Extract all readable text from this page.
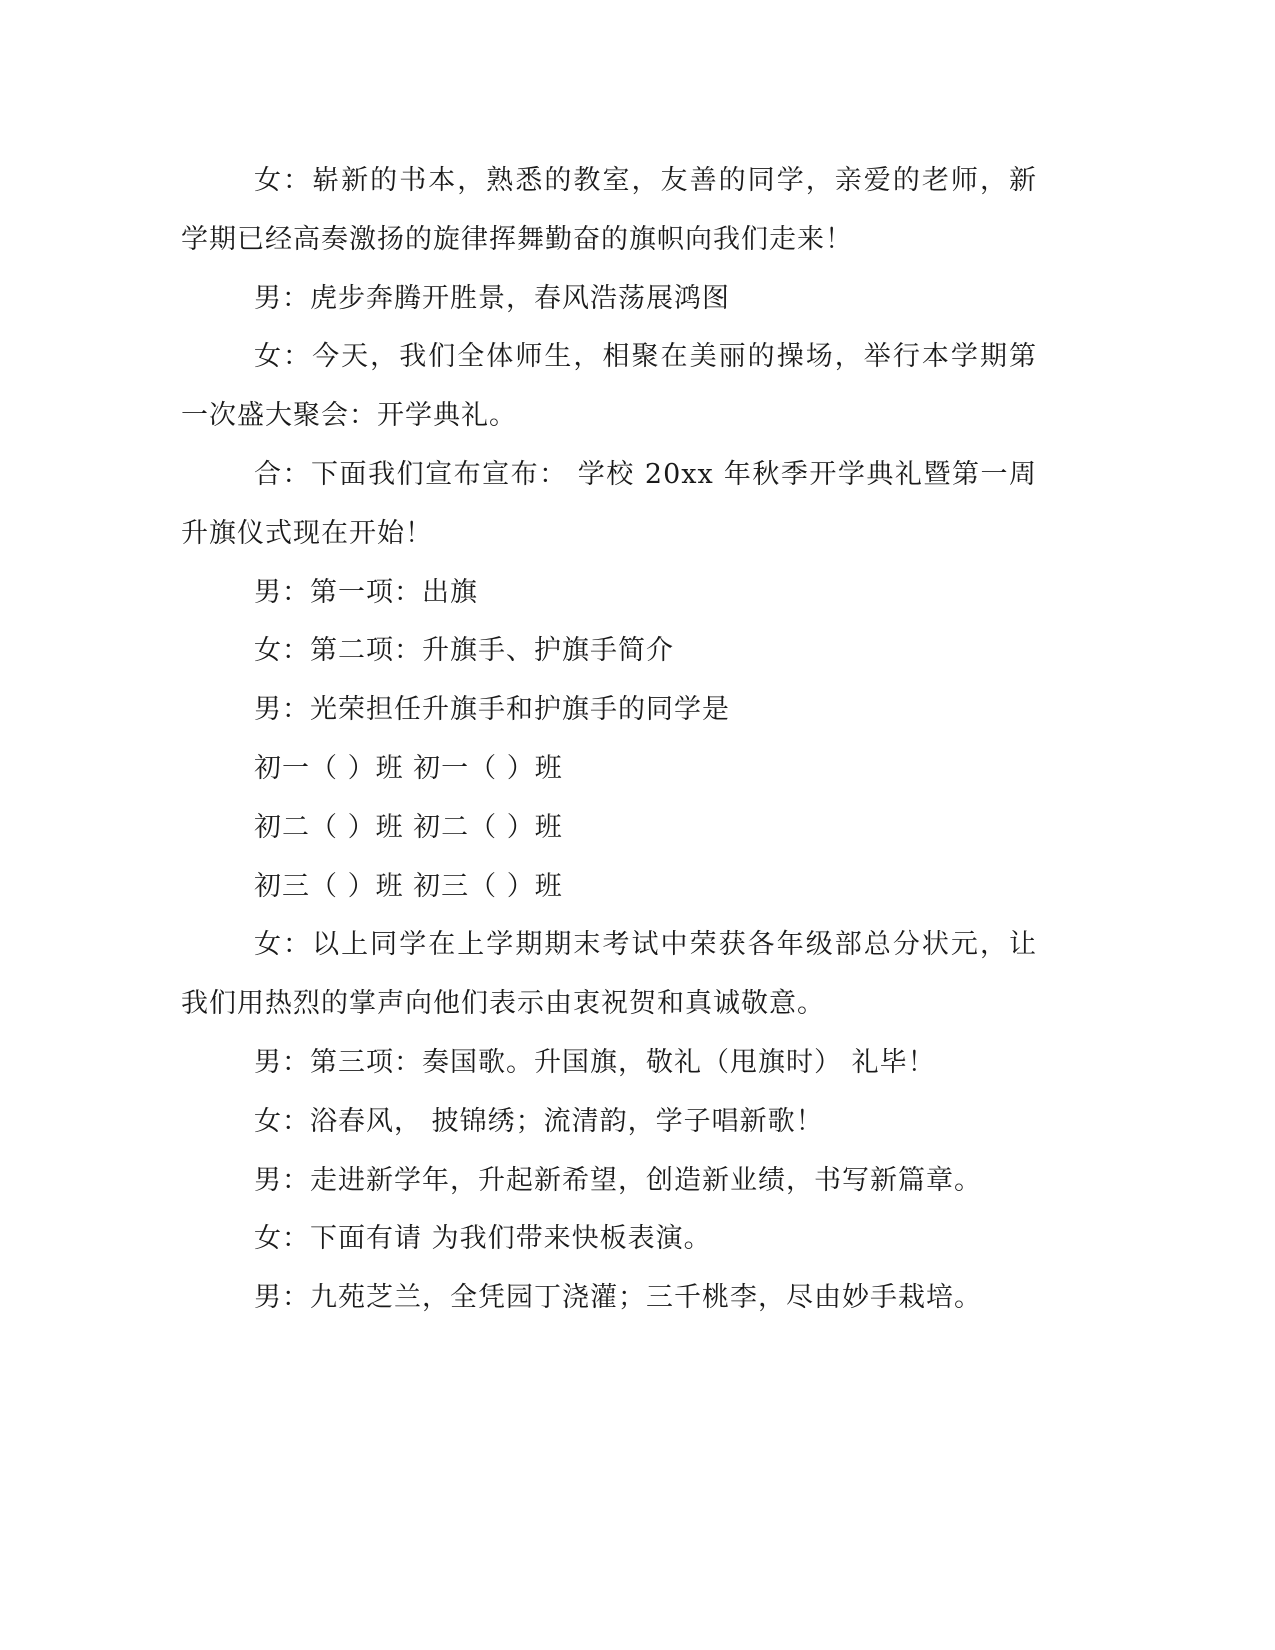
女：崭新的书本，熟悉的教室，友善的同学，亲爱的老师，新学期已经高奏激扬的旋律挥舞勤奋的旗帜向我们走来！

男：虎步奔腾开胜景，春风浩荡展鸿图

女：今天，我们全体师生，相聚在美丽的操场，举行本学期第一次盛大聚会：开学典礼。

合：下面我们宣布宣布： 学校 20xx 年秋季开学典礼暨第一周升旗仪式现在开始！

男：第一项：出旗

女：第二项：升旗手、护旗手简介

男：光荣担任升旗手和护旗手的同学是

初一（ ）班 初一（ ）班

初二（ ）班 初二（ ）班

初三（ ）班 初三（ ）班

女：以上同学在上学期期末考试中荣获各年级部总分状元，让我们用热烈的掌声向他们表示由衷祝贺和真诚敬意。

男：第三项：奏国歌。升国旗，敬礼（甩旗时） 礼毕！

女：浴春风， 披锦绣；流清韵，学子唱新歌！

男：走进新学年，升起新希望，创造新业绩，书写新篇章。

女：下面有请 为我们带来快板表演。

男：九苑芝兰，全凭园丁浇灌；三千桃李，尽由妙手栽培。
